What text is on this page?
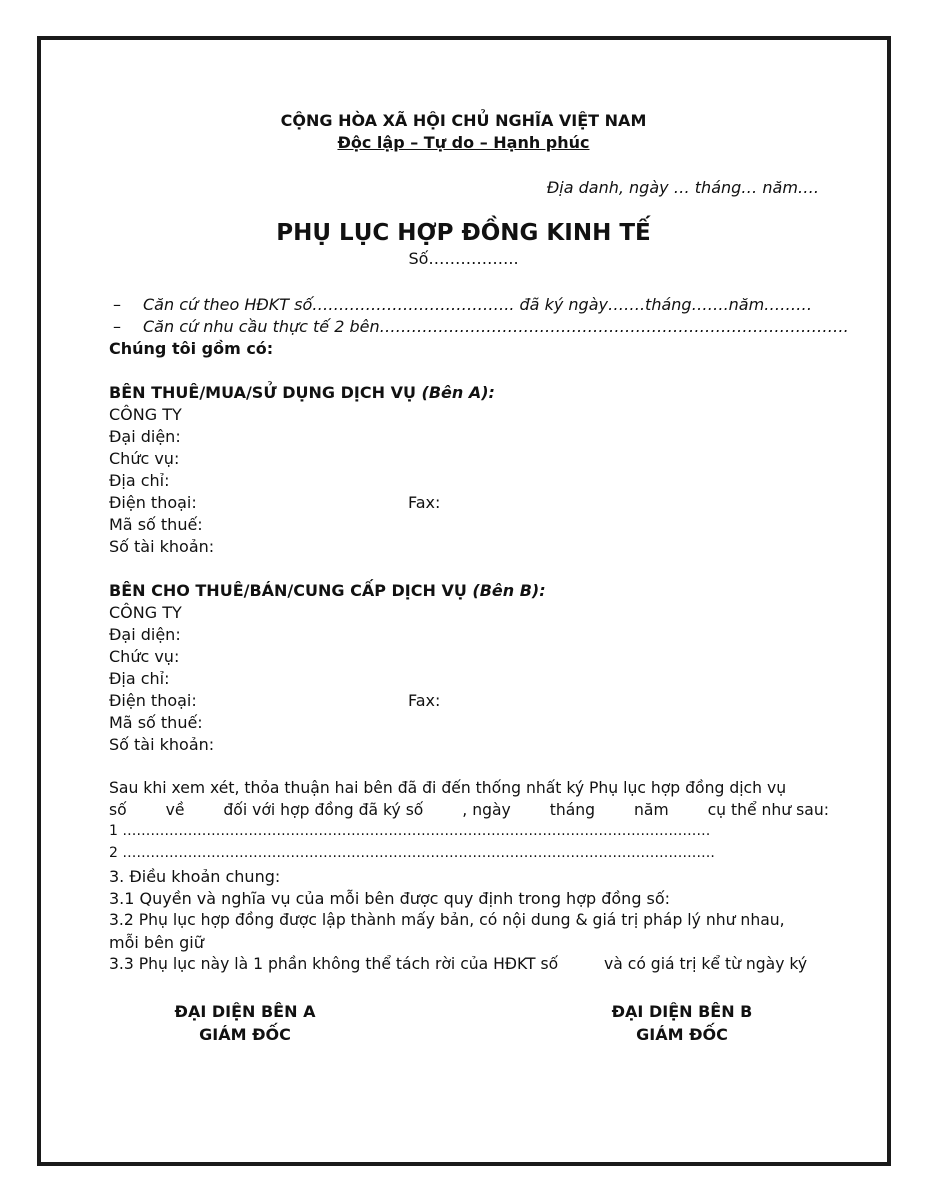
CỘNG HÒA XÃ HỘI CHỦ NGHĨA VIỆT NAM
Độc lập – Tự do – Hạnh phúc
Địa danh, ngày … tháng… năm….
PHỤ LỤC HỢP ĐỒNG KINH TẾ
Số……………..
– Căn cứ theo HĐKT số……………………………….. đã ký ngày…….tháng…….năm………
– Căn cứ nhu cầu thực tế 2 bên…………………………………………………………………………….
Chúng tôi gồm có:
BÊN THUÊ/MUA/SỬ DỤNG DỊCH VỤ (Bên A):
CÔNG TY
Đại diện:
Chức vụ:
Địa chỉ:
Điện thoại:	Fax:
Mã số thuế:
Số tài khoản:
BÊN CHO THUÊ/BÁN/CUNG CẤP DỊCH VỤ (Bên B):
CÔNG TY
Đại diện:
Chức vụ:
Địa chỉ:
Điện thoại:	Fax:
Mã số thuế:
Số tài khoản:
Sau khi xem xét, thỏa thuận hai bên đã đi đến thống nhất ký Phụ lục hợp đồng dịch vụ
số về đối với hợp đồng đã ký số , ngày tháng năm cụ thể như sau:
1 ………………………………………………………………………………………………………………
2 ……………………………………………………………………………………………………………….
3. Điều khoản chung:
3.1 Quyền và nghĩa vụ của mỗi bên được quy định trong hợp đồng số:
3.2 Phụ lục hợp đồng được lập thành mấy bản, có nội dung & giá trị pháp lý như nhau,
mỗi bên giữ
3.3 Phụ lục này là 1 phần không thể tách rời của HĐKT số	và có giá trị kể từ ngày ký
ĐẠI DIỆN BÊN A
GIÁM ĐỐC
ĐẠI DIỆN BÊN B
GIÁM ĐỐC
